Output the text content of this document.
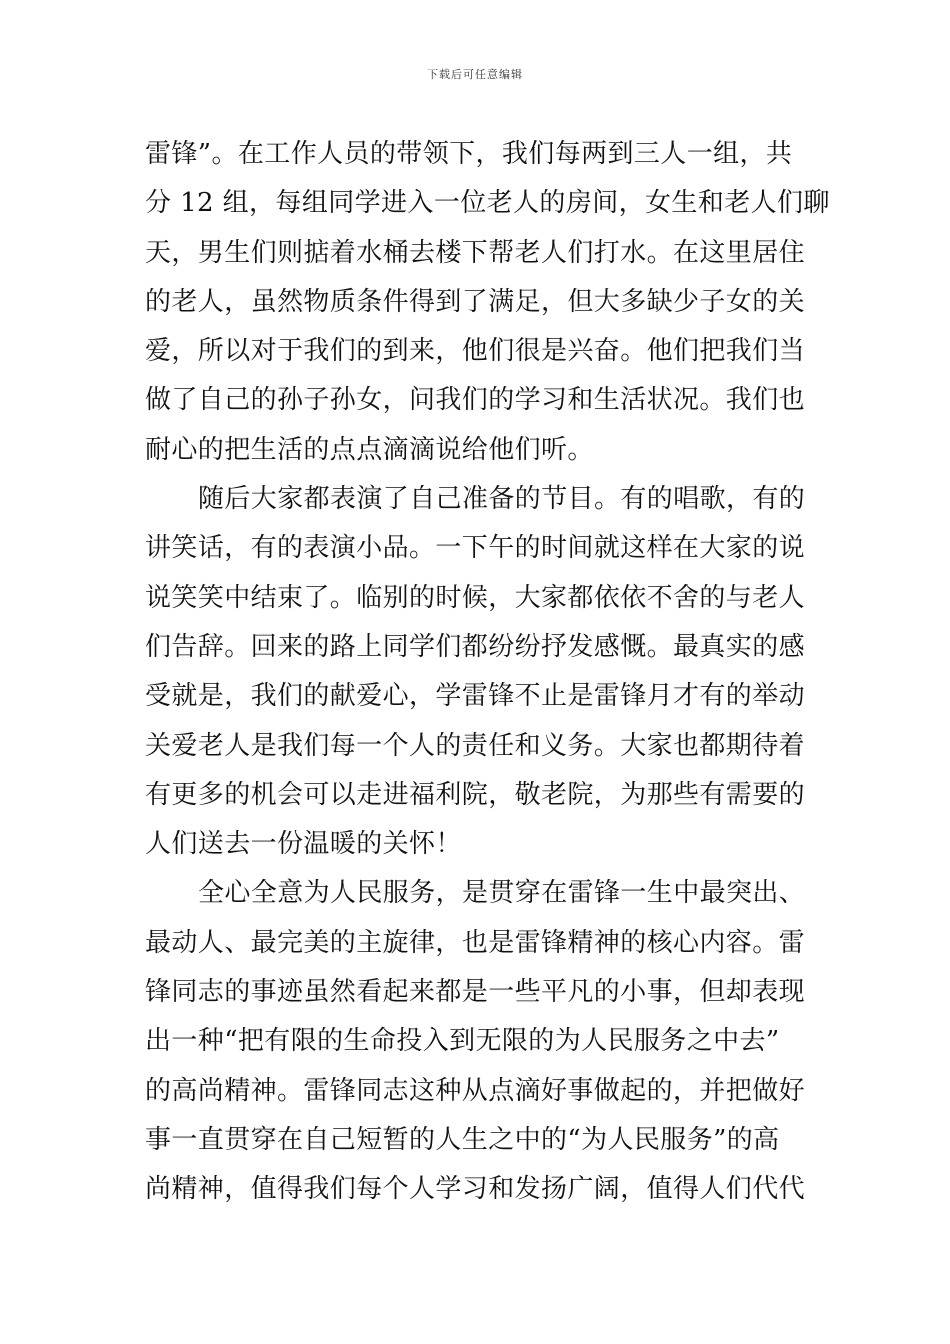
下载后可任意编辑
雷锋”。在工作人员的带领下，我们每两到三人一组，共
分 12 组，每组同学进入一位老人的房间，女生和老人们聊
天，男生们则掂着水桶去楼下帮老人们打水。在这里居住
的老人，虽然物质条件得到了满足，但大多缺少子女的关
爱，所以对于我们的到来，他们很是兴奋。他们把我们当
做了自己的孙子孙女，问我们的学习和生活状况。我们也
耐心的把生活的点点滴滴说给他们听。
随后大家都表演了自己准备的节目。有的唱歌，有的
讲笑话，有的表演小品。一下午的时间就这样在大家的说
说笑笑中结束了。临别的时候，大家都依依不舍的与老人
们告辞。回来的路上同学们都纷纷抒发感慨。最真实的感
受就是，我们的献爱心，学雷锋不止是雷锋月才有的举动
关爱老人是我们每一个人的责任和义务。大家也都期待着
有更多的机会可以走进福利院，敬老院，为那些有需要的
人们送去一份温暖的关怀！
全心全意为人民服务，是贯穿在雷锋一生中最突出、
最动人、最完美的主旋律，也是雷锋精神的核心内容。雷
锋同志的事迹虽然看起来都是一些平凡的小事，但却表现
出一种“把有限的生命投入到无限的为人民服务之中去”
的高尚精神。雷锋同志这种从点滴好事做起的，并把做好
事一直贯穿在自己短暂的人生之中的“为人民服务”的高
尚精神，值得我们每个人学习和发扬广阔，值得人们代代
